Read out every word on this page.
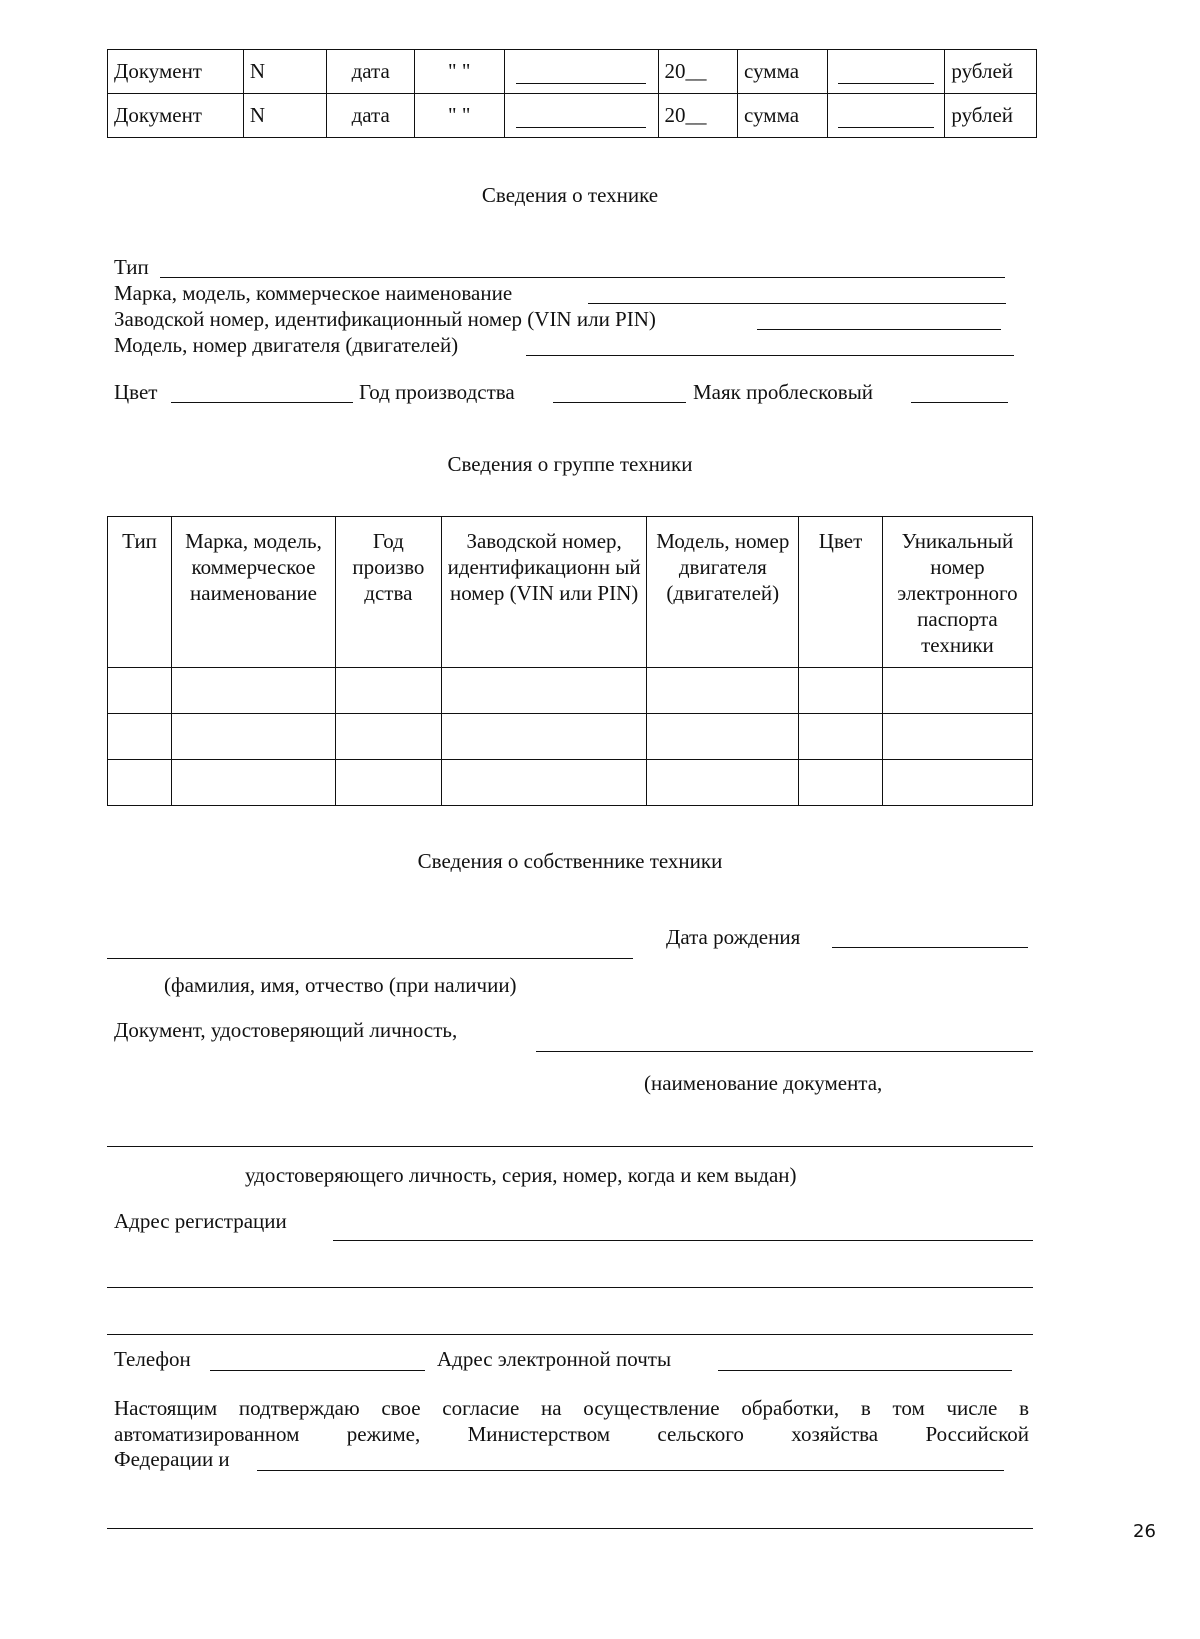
Документ	N	дата	" "		20__	сумма		рублей
Документ	N	дата	" "		20__	сумма		рублей
Сведения о технике
Тип
Марка, модель, коммерческое наименование
Заводской номер, идентификационный номер (VIN или PIN)
Модель, номер двигателя (двигателей)
Цвет	Год производства	Маяк проблесковый
Сведения о группе техники
Тип	Марка, модель, коммерческое наименование	Год произво дства	Заводской номер, идентификационн ый номер (VIN или PIN)	Модель, номер двигателя (двигателей)	Цвет	Уникальный номер электронного паспорта техники

Сведения о собственнике техники
Дата рождения
(фамилия, имя, отчество (при наличии)
Документ, удостоверяющий личность,
(наименование документа,
удостоверяющего личность, серия, номер, когда и кем выдан)
Адрес регистрации
Телефон	Адрес электронной почты
Настоящим подтверждаю свое согласие на осуществление обработки, в том числе в
автоматизированном режиме, Министерством сельского хозяйства Российской
Федерации и
26
